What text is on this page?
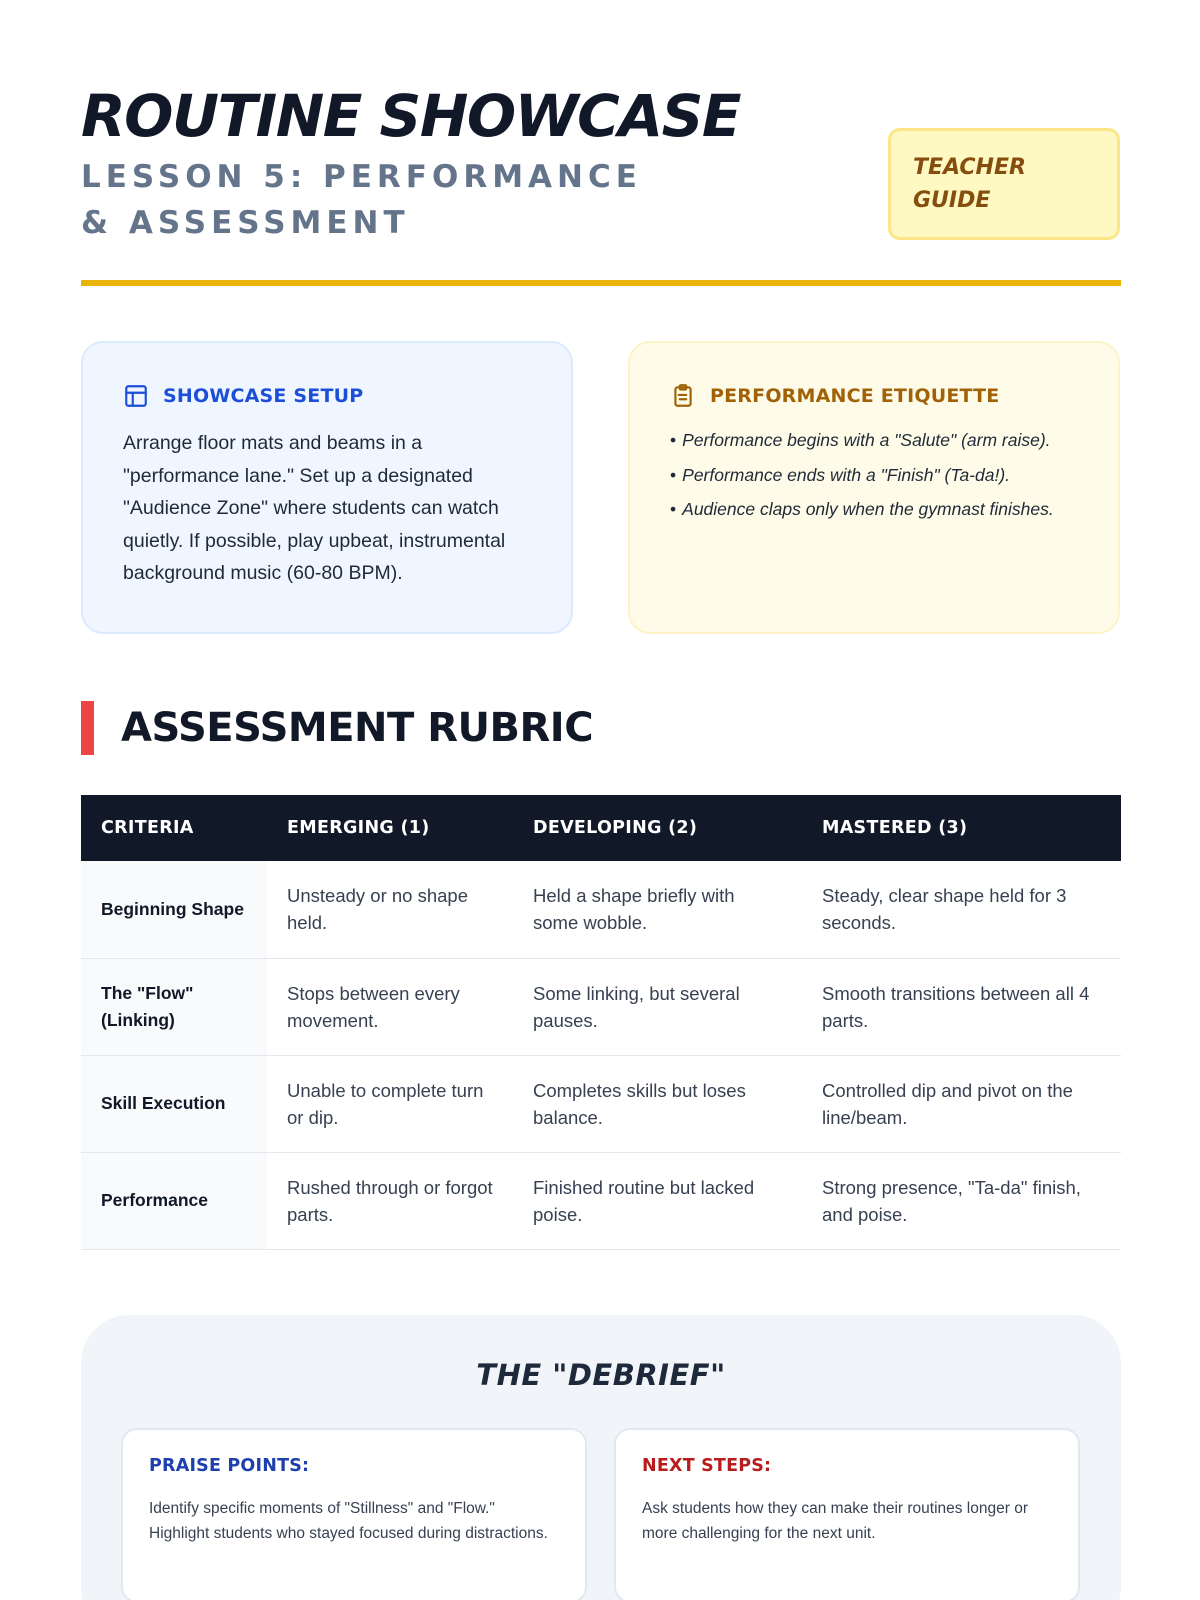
ROUTINE SHOWCASE
LESSON 5: PERFORMANCE & ASSESSMENT
TEACHER GUIDE
SHOWCASE SETUP

Arrange floor mats and beams in a "performance lane." Set up a designated "Audience Zone" where students can watch quietly. If possible, play upbeat, instrumental background music (60-80 BPM).

PERFORMANCE ETIQUETTE
• Performance begins with a "Salute" (arm raise).
• Performance ends with a "Finish" (Ta-da!).
• Audience claps only when the gymnast finishes.
ASSESSMENT RUBRIC
CRITERIA	EMERGING (1)	DEVELOPING (2)	MASTERED (3)
Beginning Shape	Unsteady or no shape held.	Held a shape briefly with some wobble.	Steady, clear shape held for 3 seconds.
The "Flow" (Linking)	Stops between every movement.	Some linking, but several pauses.	Smooth transitions between all 4 parts.
Skill Execution	Unable to complete turn or dip.	Completes skills but loses balance.	Controlled dip and pivot on the line/beam.
Performance	Rushed through or forgot parts.	Finished routine but lacked poise.	Strong presence, "Ta-da" finish, and poise.
THE "DEBRIEF"
PRAISE POINTS:

Identify specific moments of "Stillness" and "Flow." Highlight students who stayed focused during distractions.

NEXT STEPS:

Ask students how they can make their routines longer or more challenging for the next unit.
